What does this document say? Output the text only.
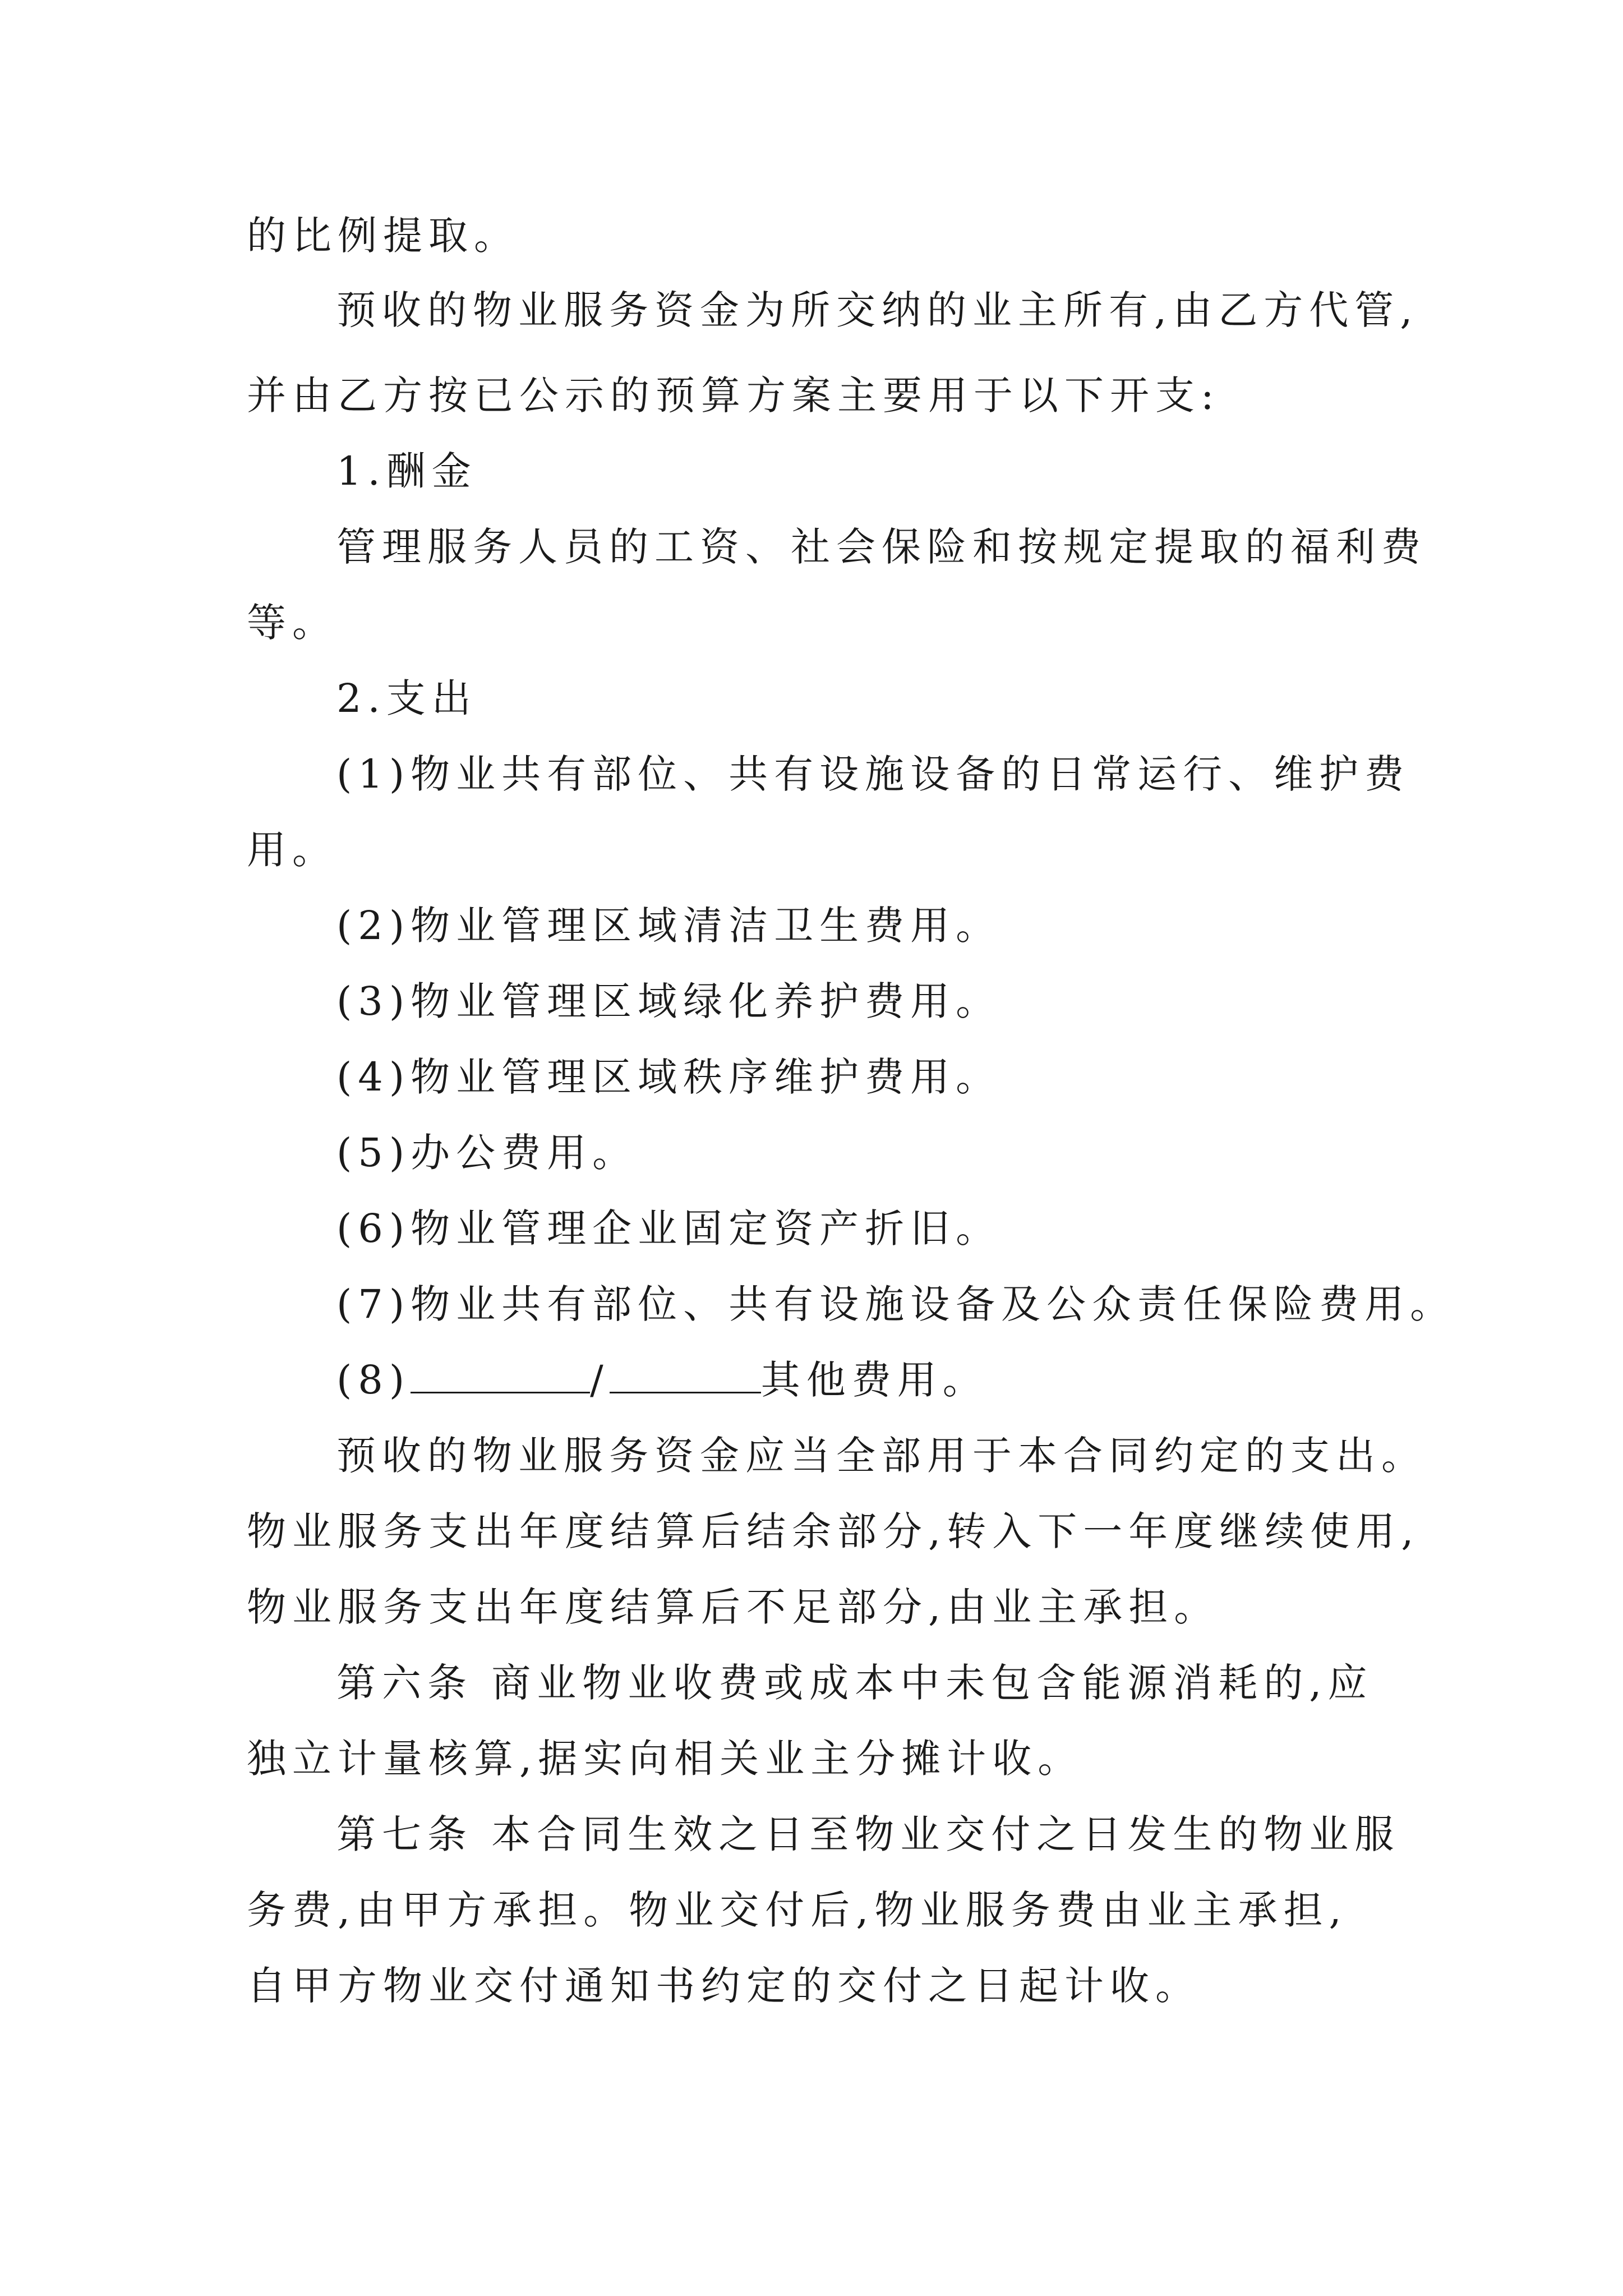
的比例提取。
预收的物业服务资金为所交纳的业主所有,由乙方代管,
并由乙方按已公示的预算方案主要用于以下开支:
1.酬金
管理服务人员的工资、社会保险和按规定提取的福利费
等。
2.支出
(1)物业共有部位、共有设施设备的日常运行、维护费
用。
(2)物业管理区域清洁卫生费用。
(3)物业管理区域绿化养护费用。
(4)物业管理区域秩序维护费用。
(5)办公费用。
(6)物业管理企业固定资产折旧。
(7)物业共有部位、共有设施设备及公众责任保险费用。
(8)	/	其他费用。
预收的物业服务资金应当全部用于本合同约定的支出。
物业服务支出年度结算后结余部分,转入下一年度继续使用,
物业服务支出年度结算后不足部分,由业主承担。
第六条 商业物业收费或成本中未包含能源消耗的,应
独立计量核算,据实向相关业主分摊计收。
第七条 本合同生效之日至物业交付之日发生的物业服
务费,由甲方承担。物业交付后,物业服务费由业主承担,
自甲方物业交付通知书约定的交付之日起计收。
